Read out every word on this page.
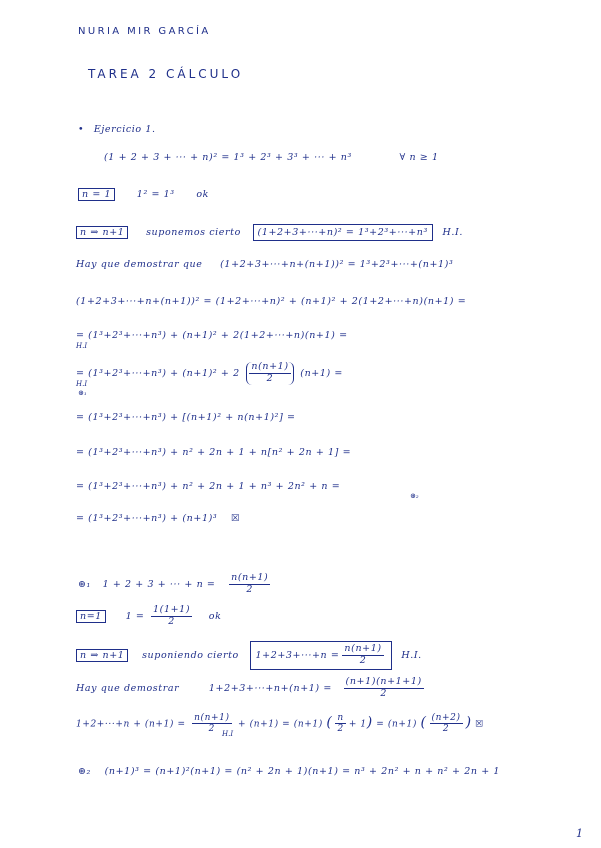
NURIA MIR GARCÍA
TAREA 2 CÁLCULO
• Ejercicio 1.
(1 + 2 + 3 + ··· + n)² = 1³ + 2³ + 3³ + ··· + n³	∀ n ≥ 1
n = 1	1² = 1³ ok
n ⇒ n+1 suponemos cierto (1+2+3+···+n)² = 1³+2³+···+n³ H.I.
Hay que demostrar que (1+2+3+···+n+(n+1))² = 1³+2³+···+(n+1)³
(1+2+3+···+n+(n+1))² = (1+2+···+n)² + (n+1)² + 2(1+2+···+n)(n+1) =
= (1³+2³+···+n³) + (n+1)² + 2(1+2+···+n)(n+1) =
H.I
= $(1^3+2^3+\cdot\cdot\cdot+n^3) + (n+1)^2 + 2 \frac{n(n+1)}{2} (n+1)$ =
H.I
⊛₁
= (1³+2³+···+n³) + [(n+1)² + n(n+1)²] =
= (1³+2³+···+n³) + n² + 2n + 1 + n[n² + 2n + 1] =
= (1³+2³+···+n³) + n² + 2n + 1 + n³ + 2n² + n =
⊛₂
= (1³+2³+···+n³) + (n+1)³ ☒
⊛₁ 1 + 2 + 3 + ··· + $n = \frac{n(n+1)}{2}$
n=1 $1 = \frac{1(1+1)}{2}$ ok
n ⇒ n+1 suponiendo cierto $1+2+3+\cdot\cdot\cdot+n = \frac{n(n+1)}{2} H.I$.
Hay que demostrar	$1+2+3+\cdot\cdot\cdot+n+(n+1) = \frac{(n+1)(n+1+1)}{2}$
$1+2+\cdot\cdot\cdot+n + (n+1) = \frac{n(n+1)}{2} + (n+1) = (n+1)$ ( $\frac{n}{2} + 1) = (n+1)$ ( $\frac{(n+2)}{2}$ ) ☒
H.I
⊛₂ (n+1)³ = (n+1)²(n+1) = (n² + 2n + 1)(n+1) = n³ + 2n² + n + n² + 2n + 1
1
